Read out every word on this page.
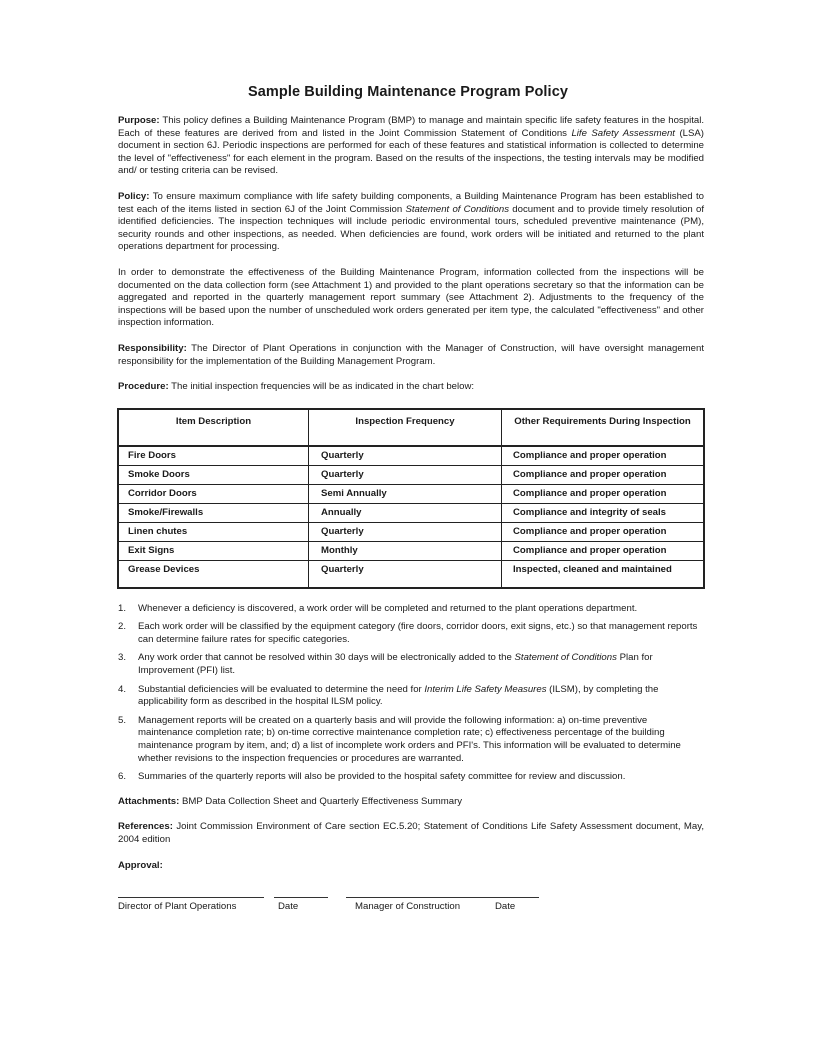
Sample Building Maintenance Program Policy

Purpose: This policy defines a Building Maintenance Program (BMP) to manage and maintain specific life safety features in the hospital. Each of these features are derived from and listed in the Joint Commission Statement of Conditions Life Safety Assessment (LSA) document in section 6J. Periodic inspections are performed for each of these features and statistical information is collected to determine the level of "effectiveness" for each element in the program. Based on the results of the inspections, the testing intervals may be modified and/ or testing criteria can be revised.

Policy: To ensure maximum compliance with life safety building components, a Building Maintenance Program has been established to test each of the items listed in section 6J of the Joint Commission Statement of Conditions document and to provide timely resolution of identified deficiencies. The inspection techniques will include periodic environmental tours, scheduled preventive maintenance (PM), security rounds and other inspections, as needed. When deficiencies are found, work orders will be initiated and returned to the plant operations department for processing.

In order to demonstrate the effectiveness of the Building Maintenance Program, information collected from the inspections will be documented on the data collection form (see Attachment 1) and provided to the plant operations secretary so that the information can be aggregated and reported in the quarterly management report summary (see Attachment 2). Adjustments to the frequency of the inspections will be based upon the number of unscheduled work orders generated per item type, the calculated "effectiveness" and other inspection information.

Responsibility: The Director of Plant Operations in conjunction with the Manager of Construction, will have oversight management responsibility for the implementation of the Building Management Program.

Procedure: The initial inspection frequencies will be as indicated in the chart below:

Item Description	Inspection Frequency	Other Requirements During Inspection
Fire Doors	Quarterly	Compliance and proper operation
Smoke Doors	Quarterly	Compliance and proper operation
Corridor Doors	Semi Annually	Compliance and proper operation
Smoke/Firewalls	Annually	Compliance and integrity of seals
Linen chutes	Quarterly	Compliance and proper operation
Exit Signs	Monthly	Compliance and proper operation
Grease Devices	Quarterly	Inspected, cleaned and maintained
1. Whenever a deficiency is discovered, a work order will be completed and returned to the plant operations department.
2. Each work order will be classified by the equipment category (fire doors, corridor doors, exit signs, etc.) so that management reports can determine failure rates for specific categories.
3. Any work order that cannot be resolved within 30 days will be electronically added to the Statement of Conditions Plan for Improvement (PFI) list.
4. Substantial deficiencies will be evaluated to determine the need for Interim Life Safety Measures (ILSM), by completing the applicability form as described in the hospital ILSM policy.
5. Management reports will be created on a quarterly basis and will provide the following information: a) on-time preventive maintenance completion rate; b) on-time corrective maintenance completion rate; c) effectiveness percentage of the building maintenance program by item, and; d) a list of incomplete work orders and PFI's. This information will be evaluated to determine whether revisions to the inspection frequencies or procedures are warranted.
6. Summaries of the quarterly reports will also be provided to the hospital safety committee for review and discussion.

Attachments: BMP Data Collection Sheet and Quarterly Effectiveness Summary

References: Joint Commission Environment of Care section EC.5.20; Statement of Conditions Life Safety Assessment document, May, 2004 edition

Approval:

Director of Plant Operations	Date	Manager of Construction	Date
